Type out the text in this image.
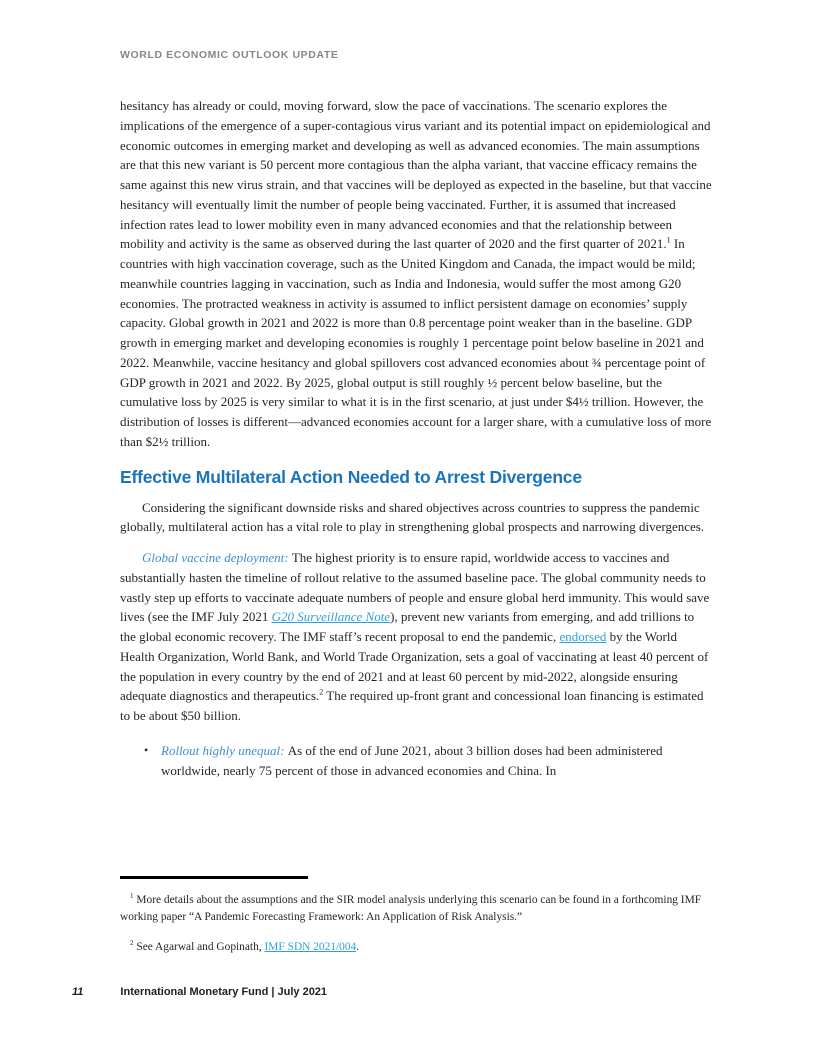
WORLD ECONOMIC OUTLOOK UPDATE

hesitancy has already or could, moving forward, slow the pace of vaccinations. The scenario explores the implications of the emergence of a super-contagious virus variant and its potential impact on epidemiological and economic outcomes in emerging market and developing as well as advanced economies. The main assumptions are that this new variant is 50 percent more contagious than the alpha variant, that vaccine efficacy remains the same against this new virus strain, and that vaccines will be deployed as expected in the baseline, but that vaccine hesitancy will eventually limit the number of people being vaccinated. Further, it is assumed that increased infection rates lead to lower mobility even in many advanced economies and that the relationship between mobility and activity is the same as observed during the last quarter of 2020 and the first quarter of 2021.$^1$ In countries with high vaccination coverage, such as the United Kingdom and Canada, the impact would be mild; meanwhile countries lagging in vaccination, such as India and Indonesia, would suffer the most among G20 economies. The protracted weakness in activity is assumed to inflict persistent damage on economies’ supply capacity. Global growth in 2021 and 2022 is more than 0.8 percentage point weaker than in the baseline. GDP growth in emerging market and developing economies is roughly 1 percentage point below baseline in 2021 and 2022. Meanwhile, vaccine hesitancy and global spillovers cost advanced economies about ¾ percentage point of GDP growth in 2021 and 2022. By 2025, global output is still roughly ½ percent below baseline, but the cumulative loss by 2025 is very similar to what it is in the first scenario, at just under $4½ trillion. However, the distribution of losses is different—advanced economies account for a larger share, with a cumulative loss of more than $2½ trillion.

Effective Multilateral Action Needed to Arrest Divergence

Considering the significant downside risks and shared objectives across countries to suppress the pandemic globally, multilateral action has a vital role to play in strengthening global prospects and narrowing divergences.

Global vaccine deployment: The highest priority is to ensure rapid, worldwide access to vaccines and substantially hasten the timeline of rollout relative to the assumed baseline pace. The global community needs to vastly step up efforts to vaccinate adequate numbers of people and ensure global herd immunity. This would save lives (see the IMF July 2021 G20 Surveillance Note), prevent new variants from emerging, and add trillions to the global economic recovery. The IMF staff’s recent proposal to end the pandemic, endorsed by the World Health Organization, World Bank, and World Trade Organization, sets a goal of vaccinating at least 40 percent of the population in every country by the end of 2021 and at least 60 percent by mid-2022, alongside ensuring adequate diagnostics and therapeutics.$^2$ The required up-front grant and concessional loan financing is estimated to be about $50 billion.

• Rollout highly unequal: As of the end of June 2021, about 3 billion doses had been administered worldwide, nearly 75 percent of those in advanced economies and China. In

$^1$ More details about the assumptions and the SIR model analysis underlying this scenario can be found in a forthcoming IMF working paper “A Pandemic Forecasting Framework: An Application of Risk Analysis.”

$^2$ See Agarwal and Gopinath, IMF SDN 2021/004.

11	International Monetary Fund | July 2021
